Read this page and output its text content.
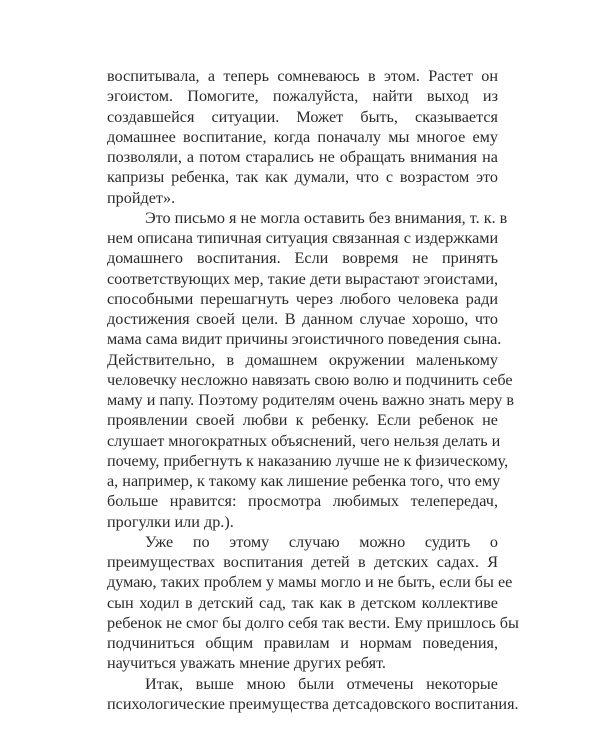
воспитывала, а теперь сомневаюсь в этом. Растет он
эгоистом. Помогите, пожалуйста, найти выход из
создавшейся ситуации. Может быть, сказывается
домашнее воспитание, когда поначалу мы многое ему
позволяли, а потом старались не обращать внимания на
капризы ребенка, так как думали, что с возрастом это
пройдет».
Это письмо я не могла оставить без внимания, т. к. в
нем описана типичная ситуация связанная с издержками
домашнего воспитания. Если вовремя не принять
соответствующих мер, такие дети вырастают эгоистами,
способными перешагнуть через любого человека ради
достижения своей цели. В данном случае хорошо, что
мама сама видит причины эгоистичного поведения сына.
Действительно, в домашнем окружении маленькому
человечку несложно навязать свою волю и подчинить себе
маму и папу. Поэтому родителям очень важно знать меру в
проявлении своей любви к ребенку. Если ребенок не
слушает многократных объяснений, чего нельзя делать и
почему, прибегнуть к наказанию лучше не к физическому,
а, например, к такому как лишение ребенка того, что ему
больше нравится: просмотра любимых телепередач,
прогулки или др.).
Уже по этому случаю можно судить о
преимуществах воспитания детей в детских садах. Я
думаю, таких проблем у мамы могло и не быть, если бы ее
сын ходил в детский сад, так как в детском коллективе
ребенок не смог бы долго себя так вести. Ему пришлось бы
подчиниться общим правилам и нормам поведения,
научиться уважать мнение других ребят.
Итак, выше мною были отмечены некоторые
психологические преимущества детсадовского воспитания.
